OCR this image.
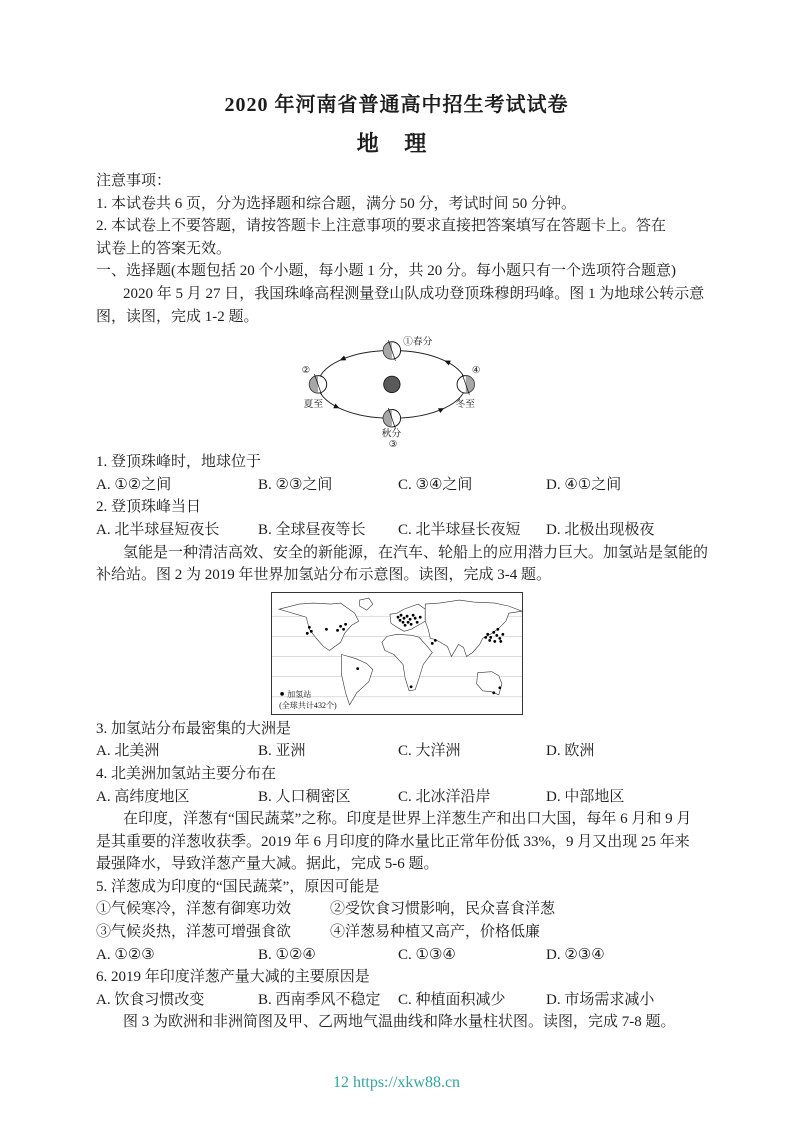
2020 年河南省普通高中招生考试试卷
地 理
注意事项：
1. 本试卷共 6 页，分为选择题和综合题，满分 50 分，考试时间 50 分钟。
2. 本试卷上不要答题，请按答题卡上注意事项的要求直接把答案填写在答题卡上。答在
试卷上的答案无效。
一、选择题(本题包括 20 个小题，每小题 1 分，共 20 分。每小题只有一个选项符合题意)
2020 年 5 月 27 日，我国珠峰高程测量登山队成功登顶珠穆朗玛峰。图 1 为地球公转示意
图，读图，完成 1-2 题。
①春分
②
夏至
④
冬至
秋分
③
1. 登顶珠峰时，地球位于
A. ①②之间	B. ②③之间	C. ③④之间	D. ④①之间
2. 登顶珠峰当日
A. 北半球昼短夜长	B. 全球昼夜等长	C. 北半球昼长夜短	D. 北极出现极夜
氢能是一种清洁高效、安全的新能源，在汽车、轮船上的应用潜力巨大。加氢站是氢能的
补给站。图 2 为 2019 年世界加氢站分布示意图。读图，完成 3-4 题。
加氢站
(全球共计432个)
3. 加氢站分布最密集的大洲是
A. 北美洲	B. 亚洲	C. 大洋洲	D. 欧洲
4. 北美洲加氢站主要分布在
A. 高纬度地区	B. 人口稠密区	C. 北冰洋沿岸	D. 中部地区
在印度，洋葱有“国民蔬菜”之称。印度是世界上洋葱生产和出口大国，每年 6 月和 9 月
是其重要的洋葱收获季。2019 年 6 月印度的降水量比正常年份低 33%，9 月又出现 25 年来
最强降水，导致洋葱产量大减。据此，完成 5-6 题。
5. 洋葱成为印度的“国民蔬菜”，原因可能是
①气候寒冷，洋葱有御寒功效	②受饮食习惯影响，民众喜食洋葱
③气候炎热，洋葱可增强食欲	④洋葱易种植又高产，价格低廉
A. ①②③	B. ①②④	C. ①③④	D. ②③④
6. 2019 年印度洋葱产量大减的主要原因是
A. 饮食习惯改变	B. 西南季风不稳定	C. 种植面积减少	D. 市场需求减小
图 3 为欧洲和非洲简图及甲、乙两地气温曲线和降水量柱状图。读图，完成 7-8 题。
12 https://xkw88.cn
